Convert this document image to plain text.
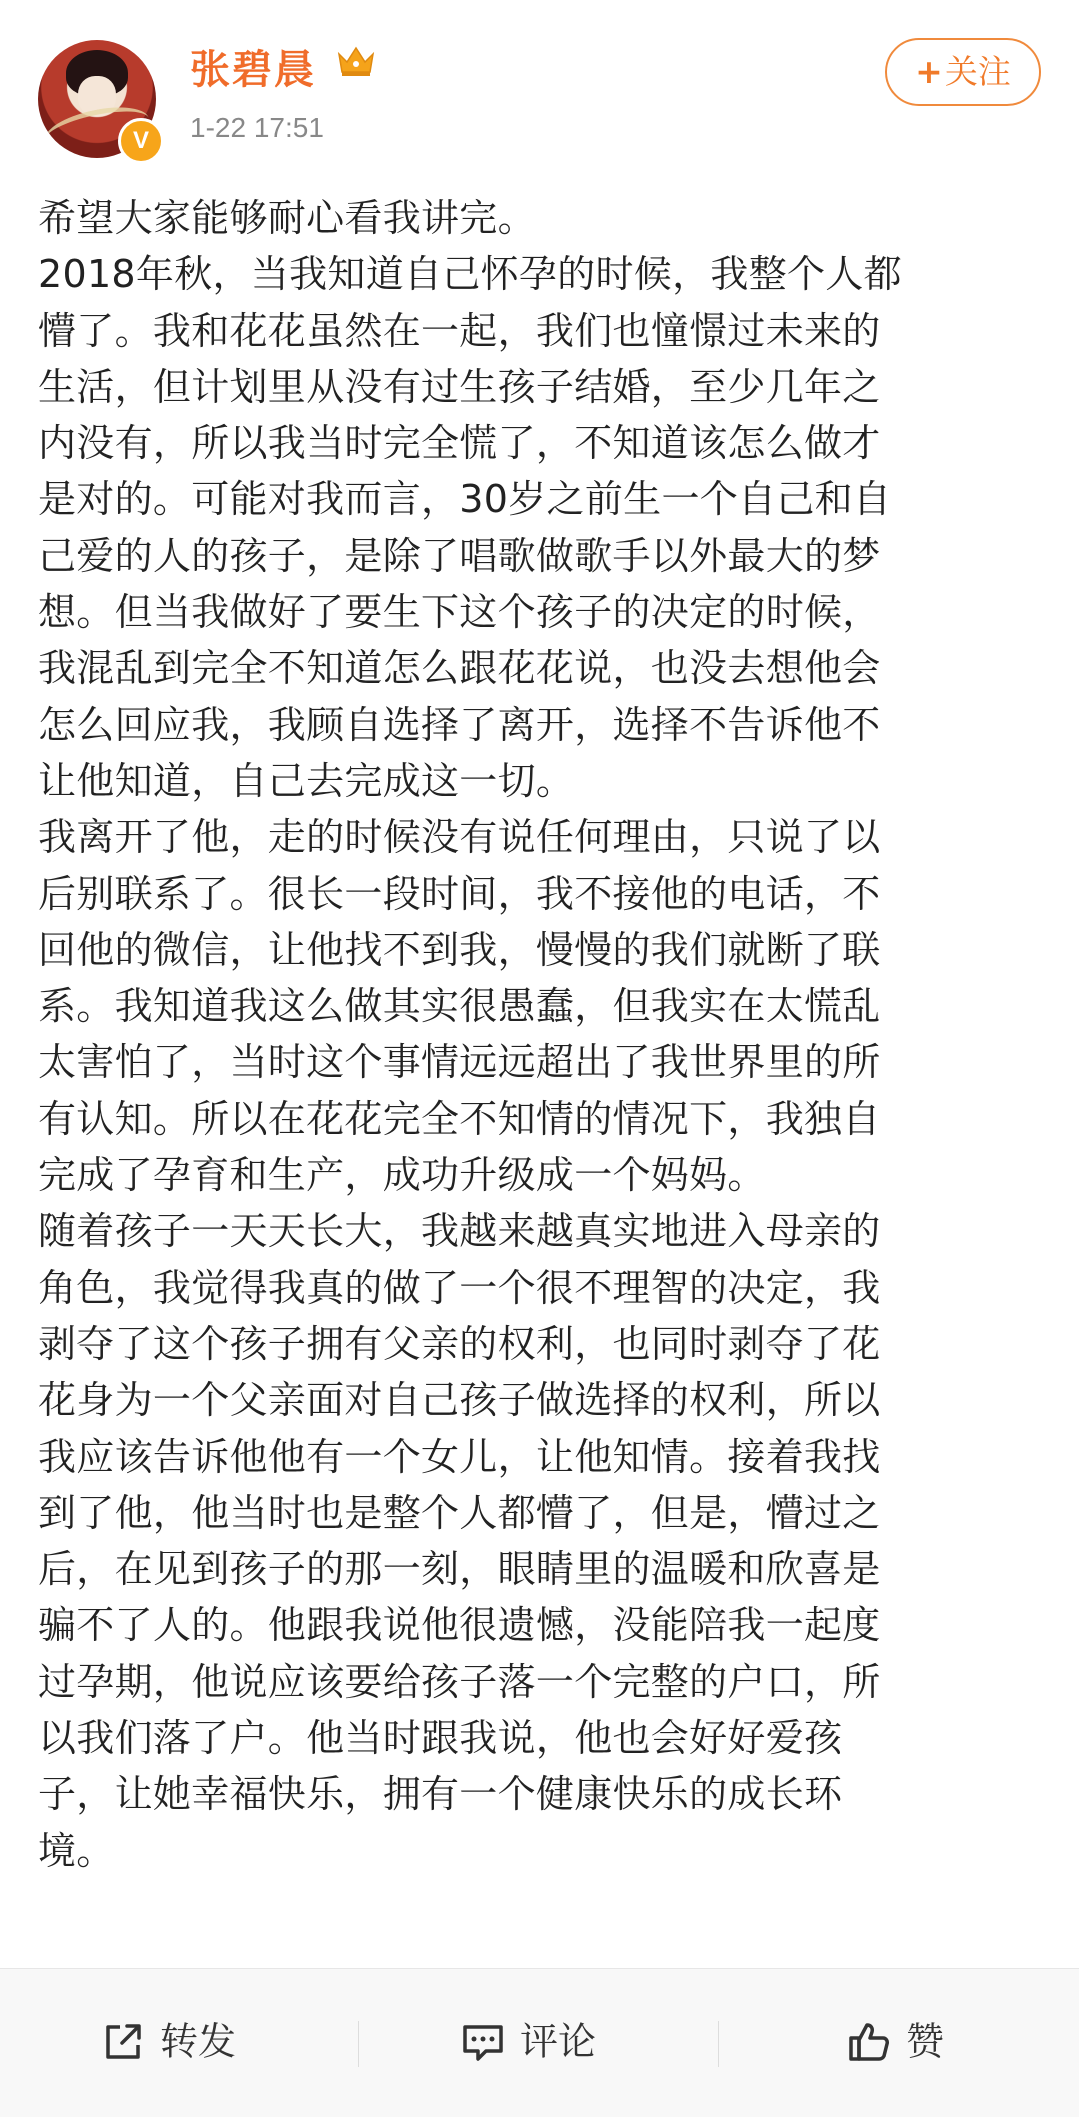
V
张碧晨
1-22 17:51
+关注
希望大家能够耐心看我讲完。
2018年秋，当我知道自己怀孕的时候，我整个人都
懵了。我和花花虽然在一起，我们也憧憬过未来的
生活，但计划里从没有过生孩子结婚，至少几年之
内没有，所以我当时完全慌了，不知道该怎么做才
是对的。可能对我而言，30岁之前生一个自己和自
己爱的人的孩子，是除了唱歌做歌手以外最大的梦
想。但当我做好了要生下这个孩子的决定的时候，
我混乱到完全不知道怎么跟花花说，也没去想他会
怎么回应我，我顾自选择了离开，选择不告诉他不
让他知道，自己去完成这一切。
我离开了他，走的时候没有说任何理由，只说了以
后别联系了。很长一段时间，我不接他的电话，不
回他的微信，让他找不到我，慢慢的我们就断了联
系。我知道我这么做其实很愚蠢，但我实在太慌乱
太害怕了，当时这个事情远远超出了我世界里的所
有认知。所以在花花完全不知情的情况下，我独自
完成了孕育和生产，成功升级成一个妈妈。
随着孩子一天天长大，我越来越真实地进入母亲的
角色，我觉得我真的做了一个很不理智的决定，我
剥夺了这个孩子拥有父亲的权利，也同时剥夺了花
花身为一个父亲面对自己孩子做选择的权利，所以
我应该告诉他他有一个女儿，让他知情。接着我找
到了他，他当时也是整个人都懵了，但是，懵过之
后，在见到孩子的那一刻，眼睛里的温暖和欣喜是
骗不了人的。他跟我说他很遗憾，没能陪我一起度
过孕期，他说应该要给孩子落一个完整的户口，所
以我们落了户。他当时跟我说，他也会好好爱孩
子，让她幸福快乐，拥有一个健康快乐的成长环
境。
转发	评论	赞
